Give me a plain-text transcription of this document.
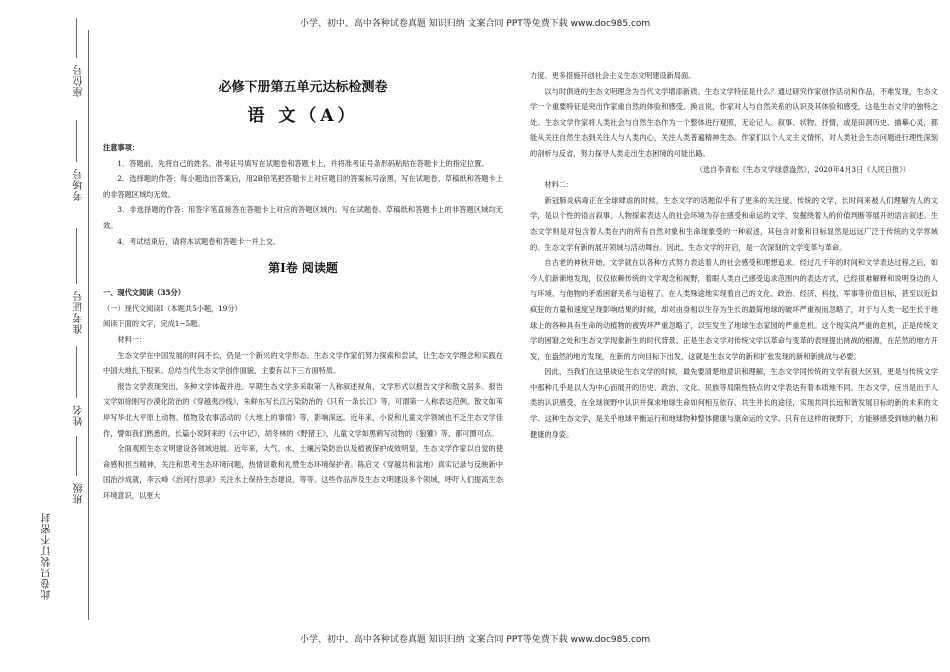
小学、初中、高中各种试卷真题 知识归纳 文案合同 PPT等免费下载 www.doc985.com
座位号
考场号
准考证号
姓名
班级
此卷只装订不密封
必修下册第五单元达标检测卷
语 文（A）

注意事项：

1．答题前，先将自己的姓名、准考证号填写在试题卷和答题卡上，并将准考证号条形码粘贴在答题卡上的指定位置。

2．选择题的作答：每小题选出答案后，用2B铅笔把答题卡上对应题目的答案标号涂黑，写在试题卷、草稿纸和答题卡上的非答题区域均无效。

3．非选择题的作答：用签字笔直接答在答题卡上对应的答题区域内。写在试题卷、草稿纸和答题卡上的非答题区域均无效。

4．考试结束后，请将本试题卷和答题卡一并上交。

第Ⅰ卷 阅读题

一、现代文阅读（35分）

（一）现代文阅读Ⅰ（本题共5小题，19分）

阅读下面的文字，完成1~5题。

材料一：

生态文学在中国发展的时间不长，仍是一个新兴的文学形态。生态文学作家们努力探索和尝试，让生态文学理念和实践在中国大地扎下根来。总结当代生态文学创作面貌，主要有以下三方面特质。

报告文学表现突出，多种文学体裁并进。早期生态文学多采取第一人称叙述视角，文学形式以报告文学和散文居多。报告文学如徐刚写沙漠化防治的《穿越夷沙线》，朱鲜东写长江污染防治的《只有一条长江》等，可谓第一人称表达范例。散文如苇岸写华北大平原上动物、植物及农事活动的《大地上的事情》等，影响深远。近年来，小说和儿童文学领域也不乏生态文学佳作，譬如我们熟悉的，长篇小说阿来的《云中记》，胡冬林的《野猪王》，儿童文学如黑鹤写动物的《狼獾》等，都可圈可点。

全面观照生态文明建设各领域进展。近年来，大气、水、土壤污染防治以及植被保护成效明显，生态文学作家以自觉的使命感和担当精神，关注和思考生态环境问题，热情讴歌和礼赞生态环境保护者。陈启文《穿越共和盆地》真实记录与反映新中国治沙成就，李云峰《治河行思录》关注水土保持生态建设，等等。这些作品涉及生态文明建设多个领域，呼吁人们提高生态环境意识，以更大

力度、更多措施开创社会主义生态文明建设新局面。

以与时俱进的生态文明理念为当代文学增添新质。生态文学特征是什么？通过研究作家创作活动和作品，不难发现，生态文学一个重要特征是突出作家重自然的体验和感受，换言说，作家对人与自然关系的认识及其体验和感受，这是生态文学的独特之处。生态文学作家将人类社会与自然生态作为一个整体进行观照，无论记人、叙事、状物、抒情，或是田洞历史、描摹心灵，都能从关注自然生态到关注人与人类内心，关注人类普遍精神生态。作家们以个人文主义情怀，对人类社会生态问题进行理性深刻的剖析与反省，努力探寻人类走出生态困境的可能出路。

（选自李青松《生态文学绿意盎然》，2020年4月3日《人民日报》）

材料二：

新冠肺炎病毒正在全球肆虐的时候，生态文学的话题似乎有了更多的关注度。传统的文学，长时间来被人们理解为人的文学，是以个性的语言叙事、人物探索表达人的社会环境为存在感受和命运的文学，发掘绕着人的价值判断等展开的语言叙述。生态文学则是对包含着人类在内的所有自然对象和生命现象受的一种叙述，其包含对象和目标显然是远远广泛于传统的文学界域的。生态文学有新的展开领域与活动舞台。因此，生态文学的开启，是一次深刻的文学变革与革命。

自古老的神秋开始，文学就在以各种方式努力表达着人的社会感受和理想追求。经过几千年的时间和文学表达过程之后，如今人们新渐地发现，仅仅依赖传统的文学观念和视野，着眼人类自己感受追求范围内的表达方式，已经很难解释和说明身边的人与环境、与他物的矛盾困窘关系与追程了。在人类殊途地实现着自己的文化、政治、经济、科技、军事等价值目标，甚至以近似疯狂的力量和速度呈现影响结果的时候，却对由身相以生存为生长的最简地球的破坏严重视而忽略了，对于与人类一起生长于地球上的各种具有生命的动植物的被毁坏严重忽略了，以至发生了地球生态家园的严重危机。这个现实尚严重的危机，正是传统文学的困窘之处和生态文学现象新生的时代背景。正是生态文学对传统文学以革命与变革的表现提出挑战的根源，在茫然的地方开发，在盎然的地方发现，在新的方向目标下出发，这就是生态文学的新和扩张发现的新和新挑战与必要。

因此，当我们在这里谈论生态文学的时候，最先要清楚地意识和理解，生态文学同传统的文学有很大区别，更是与传统文学中那种几乎是以人为中心而展开的历史、政治、文化、民族等局限性特点的文学表达有着本质地不同。生态文学，应当是出于人类的认识感受，在全球视野中认识并探求地球生命如何相互依存、共生并长的途径，实现共同长远和谐发展目标的新的未来的文学。这种生态文学，是关乎地球平衡运行和地球物种整体健康与康命运的文学。只有在这样的视野下，方能够感受到她的魅力和健康的身姿。

小学、初中、高中各种试卷真题 知识归纳 文案合同 PPT等免费下载 www.doc985.com
